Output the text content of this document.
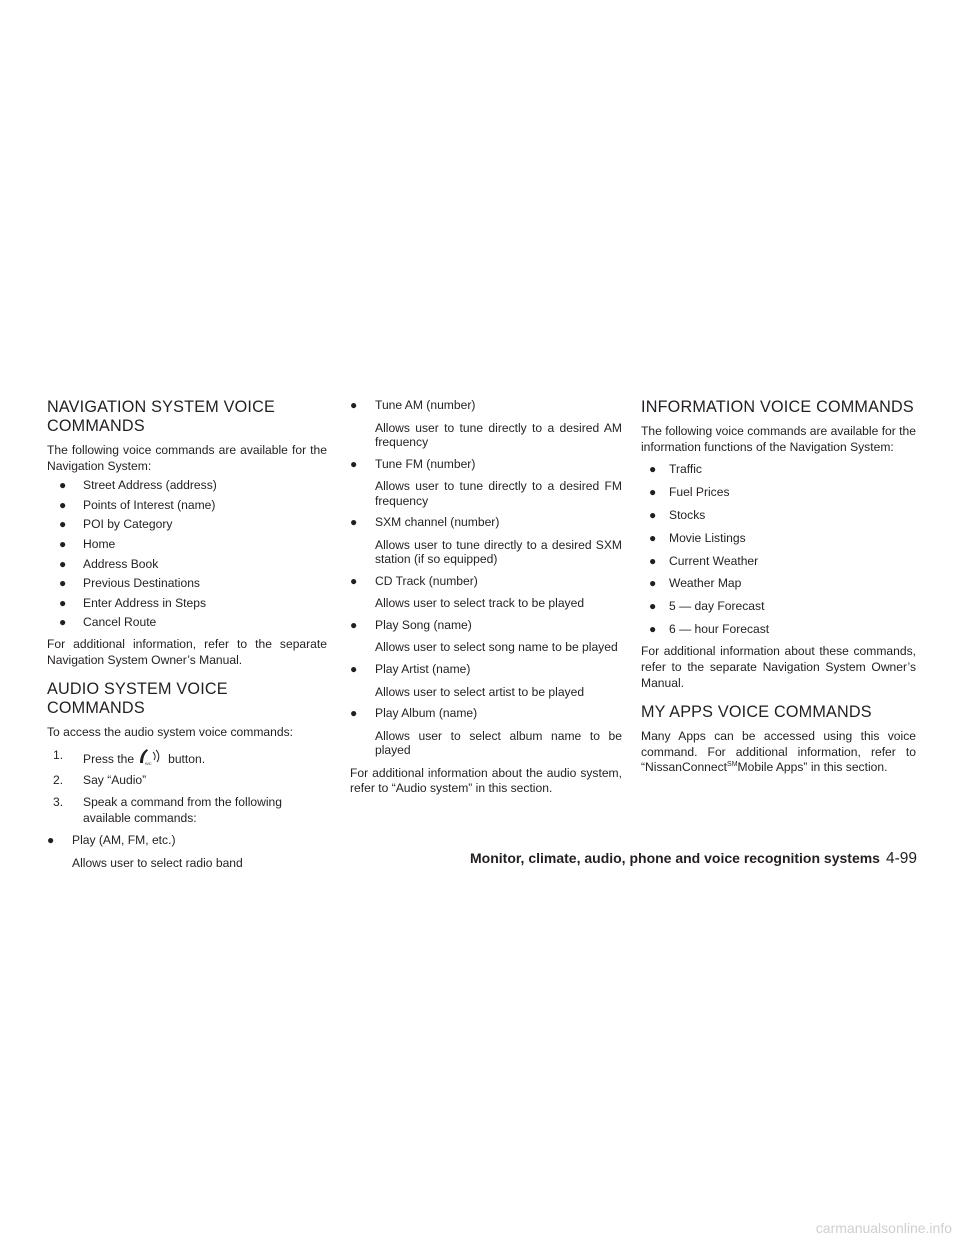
NAVIGATION SYSTEM VOICE
COMMANDS

The following voice commands are available for the Navigation System:

● Street Address (address)
● Points of Interest (name)
● POI by Category
● Home
● Address Book
● Previous Destinations
● Enter Address in Steps
● Cancel Route

For additional information, refer to the separate Navigation System Owner’s Manual.

AUDIO SYSTEM VOICE
COMMANDS

To access the audio system voice commands:

1. Press the	WC button.
2. Say “Audio”
3. Speak a command from the following available commands:
● Play (AM, FM, etc.)
Allows user to select radio band
● Tune AM (number)
Allows user to tune directly to a desired AM frequency
● Tune FM (number)
Allows user to tune directly to a desired FM frequency
● SXM channel (number)
Allows user to tune directly to a desired SXM station (if so equipped)
● CD Track (number)
Allows user to select track to be played
● Play Song (name)
Allows user to select song name to be played
● Play Artist (name)
Allows user to select artist to be played
● Play Album (name)
Allows user to select album name to be played

For additional information about the audio system, refer to “Audio system” in this section.

INFORMATION VOICE COMMANDS

The following voice commands are available for the information functions of the Navigation System:

● Traffic
● Fuel Prices
● Stocks
● Movie Listings
● Current Weather
● Weather Map
● 5 — day Forecast
● 6 — hour Forecast

For additional information about these commands, refer to the separate Navigation System Owner’s Manual.

MY APPS VOICE COMMANDS

Many Apps can be accessed using this voice command. For additional information, refer to “NissanConnect℠Mobile Apps” in this section.

Monitor, climate, audio, phone and voice recognition systems 4-99
carmanualsonline.info
